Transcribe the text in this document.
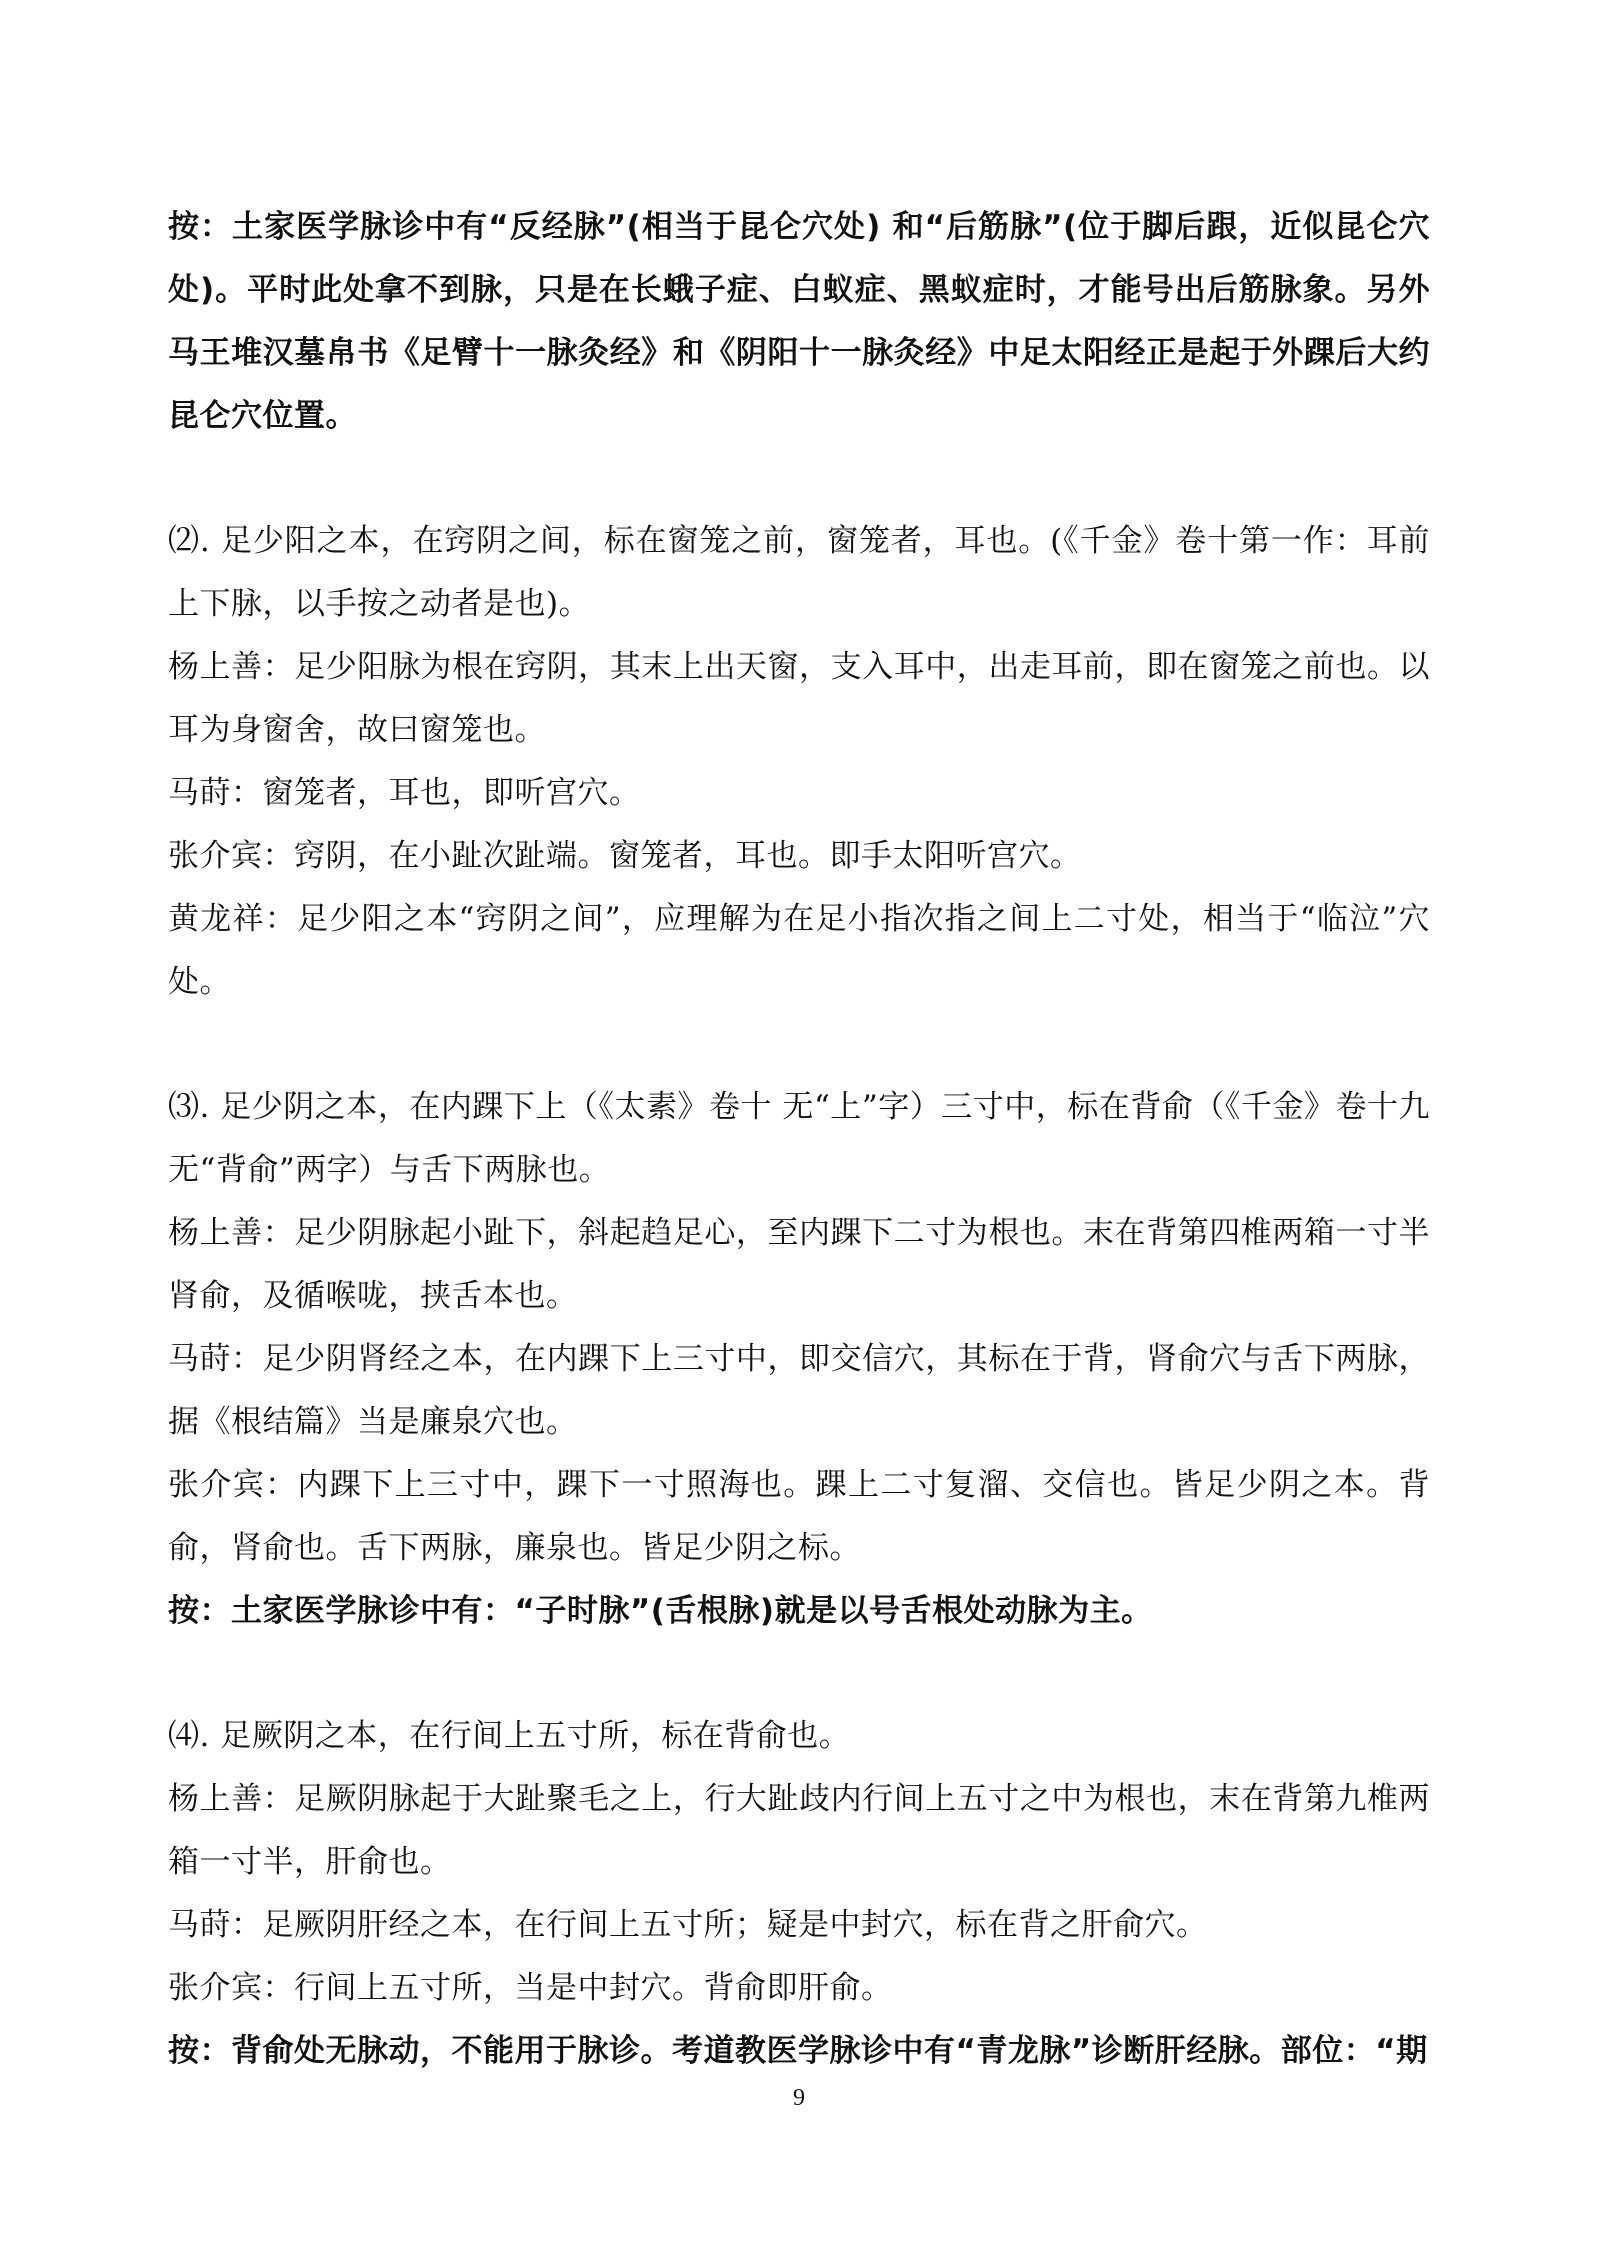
按：土家医学脉诊中有“反经脉”(相当于昆仑穴处) 和“后筋脉”(位于脚后跟，近似昆仑穴处)。平时此处拿不到脉，只是在长蛾子症、白蚁症、黑蚁症时，才能号出后筋脉象。另外马王堆汉墓帛书《足臂十一脉灸经》和《阴阳十一脉灸经》中足太阳经正是起于外踝后大约昆仑穴位置。

⑵. 足少阳之本，在窍阴之间，标在窗笼之前，窗笼者，耳也。(《千金》卷十第一作：耳前上下脉，以手按之动者是也)。

杨上善：足少阳脉为根在窍阴，其末上出天窗，支入耳中，出走耳前，即在窗笼之前也。以耳为身窗舍，故曰窗笼也。

马莳：窗笼者，耳也，即听宫穴。

张介宾：窍阴，在小趾次趾端。窗笼者，耳也。即手太阳听宫穴。

黄龙祥：足少阳之本“窍阴之间”，应理解为在足小指次指之间上二寸处，相当于“临泣”穴处。

⑶. 足少阴之本，在内踝下上（《太素》卷十 无“上”字）三寸中，标在背俞（《千金》卷十九无“背俞”两字）与舌下两脉也。

杨上善：足少阴脉起小趾下，斜起趋足心，至内踝下二寸为根也。末在背第四椎两箱一寸半肾俞，及循喉咙，挟舌本也。

马莳：足少阴肾经之本，在内踝下上三寸中，即交信穴，其标在于背，肾俞穴与舌下两脉，据《根结篇》当是廉泉穴也。

张介宾：内踝下上三寸中，踝下一寸照海也。踝上二寸复溜、交信也。皆足少阴之本。背俞，肾俞也。舌下两脉，廉泉也。皆足少阴之标。

按：土家医学脉诊中有：“子时脉”(舌根脉)就是以号舌根处动脉为主。

⑷. 足厥阴之本，在行间上五寸所，标在背俞也。

杨上善：足厥阴脉起于大趾聚毛之上，行大趾歧内行间上五寸之中为根也，末在背第九椎两箱一寸半，肝俞也。

马莳：足厥阴肝经之本，在行间上五寸所；疑是中封穴，标在背之肝俞穴。

张介宾：行间上五寸所，当是中封穴。背俞即肝俞。

按：背俞处无脉动，不能用于脉诊。考道教医学脉诊中有“青龙脉”诊断肝经脉。部位：“期

9
